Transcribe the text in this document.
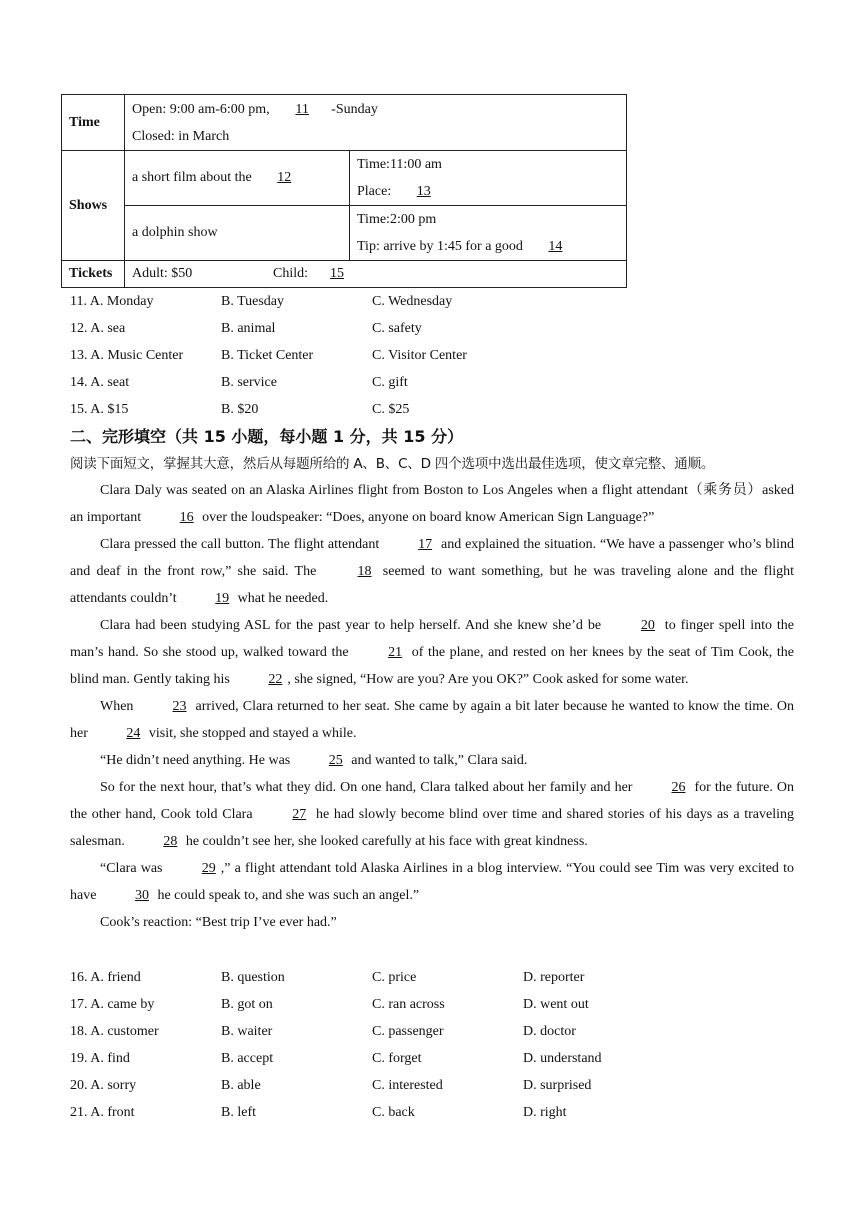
Time	Open: 9:00 am-6:00 pm, 11 -Sunday
Closed: in March	

Shows	a short film about the 12	Time:11:00 am
Place: 13

	a dolphin show	Time:2:00 pm
Tip: arrive by 1:45 for a good 14

Tickets	Adult: $50 Child: 15	
11. A. Monday	B. Tuesday	C. Wednesday
12. A. sea	B. animal	C. safety
13. A. Music Center	B. Ticket Center	C. Visitor Center
14. A. seat	B. service	C. gift
15. A. $15	B. $20	C. $25
二、完形填空（共 15 小题，每小题 1 分，共 15 分）
阅读下面短文，掌握其大意，然后从每题所给的 A、B、C、D 四个选项中选出最佳选项，使文章完整、通顺。

Clara Daly was seated on an Alaska Airlines flight from Boston to Los Angeles when a flight attendant（乘务员）asked an important	16 over the loudspeaker: “Does, anyone on board know American Sign Language?”

Clara pressed the call button. The flight attendant	17 and explained the situation. “We have a passenger who’s blind and deaf in the front row,” she said. The	18 seemed to want something, but he was traveling alone and the flight attendants couldn’t	19 what he needed.

Clara had been studying ASL for the past year to help herself. And she knew she’d be	20 to finger spell into the man’s hand. So she stood up, walked toward the	21 of the plane, and rested on her knees by the seat of Tim Cook, the blind man. Gently taking his	22 , she signed, “How are you? Are you OK?” Cook asked for some water.

When	23 arrived, Clara returned to her seat. She came by again a bit later because he wanted to know the time. On her	24 visit, she stopped and stayed a while.

“He didn’t need anything. He was	25 and wanted to talk,” Clara said.

So for the next hour, that’s what they did. On one hand, Clara talked about her family and her	26 for the future. On the other hand, Cook told Clara	27 he had slowly become blind over time and shared stories of his days as a traveling salesman.	28 he couldn’t see her, she looked carefully at his face with great kindness.

“Clara was	29 ,” a flight attendant told Alaska Airlines in a blog interview. “You could see Tim was very excited to have	30 he could speak to, and she was such an angel.”

Cook’s reaction: “Best trip I’ve ever had.”

16. A. friend	B. question	C. price	D. reporter
17. A. came by	B. got on	C. ran across	D. went out
18. A. customer	B. waiter	C. passenger	D. doctor
19. A. find	B. accept	C. forget	D. understand
20. A. sorry	B. able	C. interested	D. surprised
21. A. front	B. left	C. back	D. right
